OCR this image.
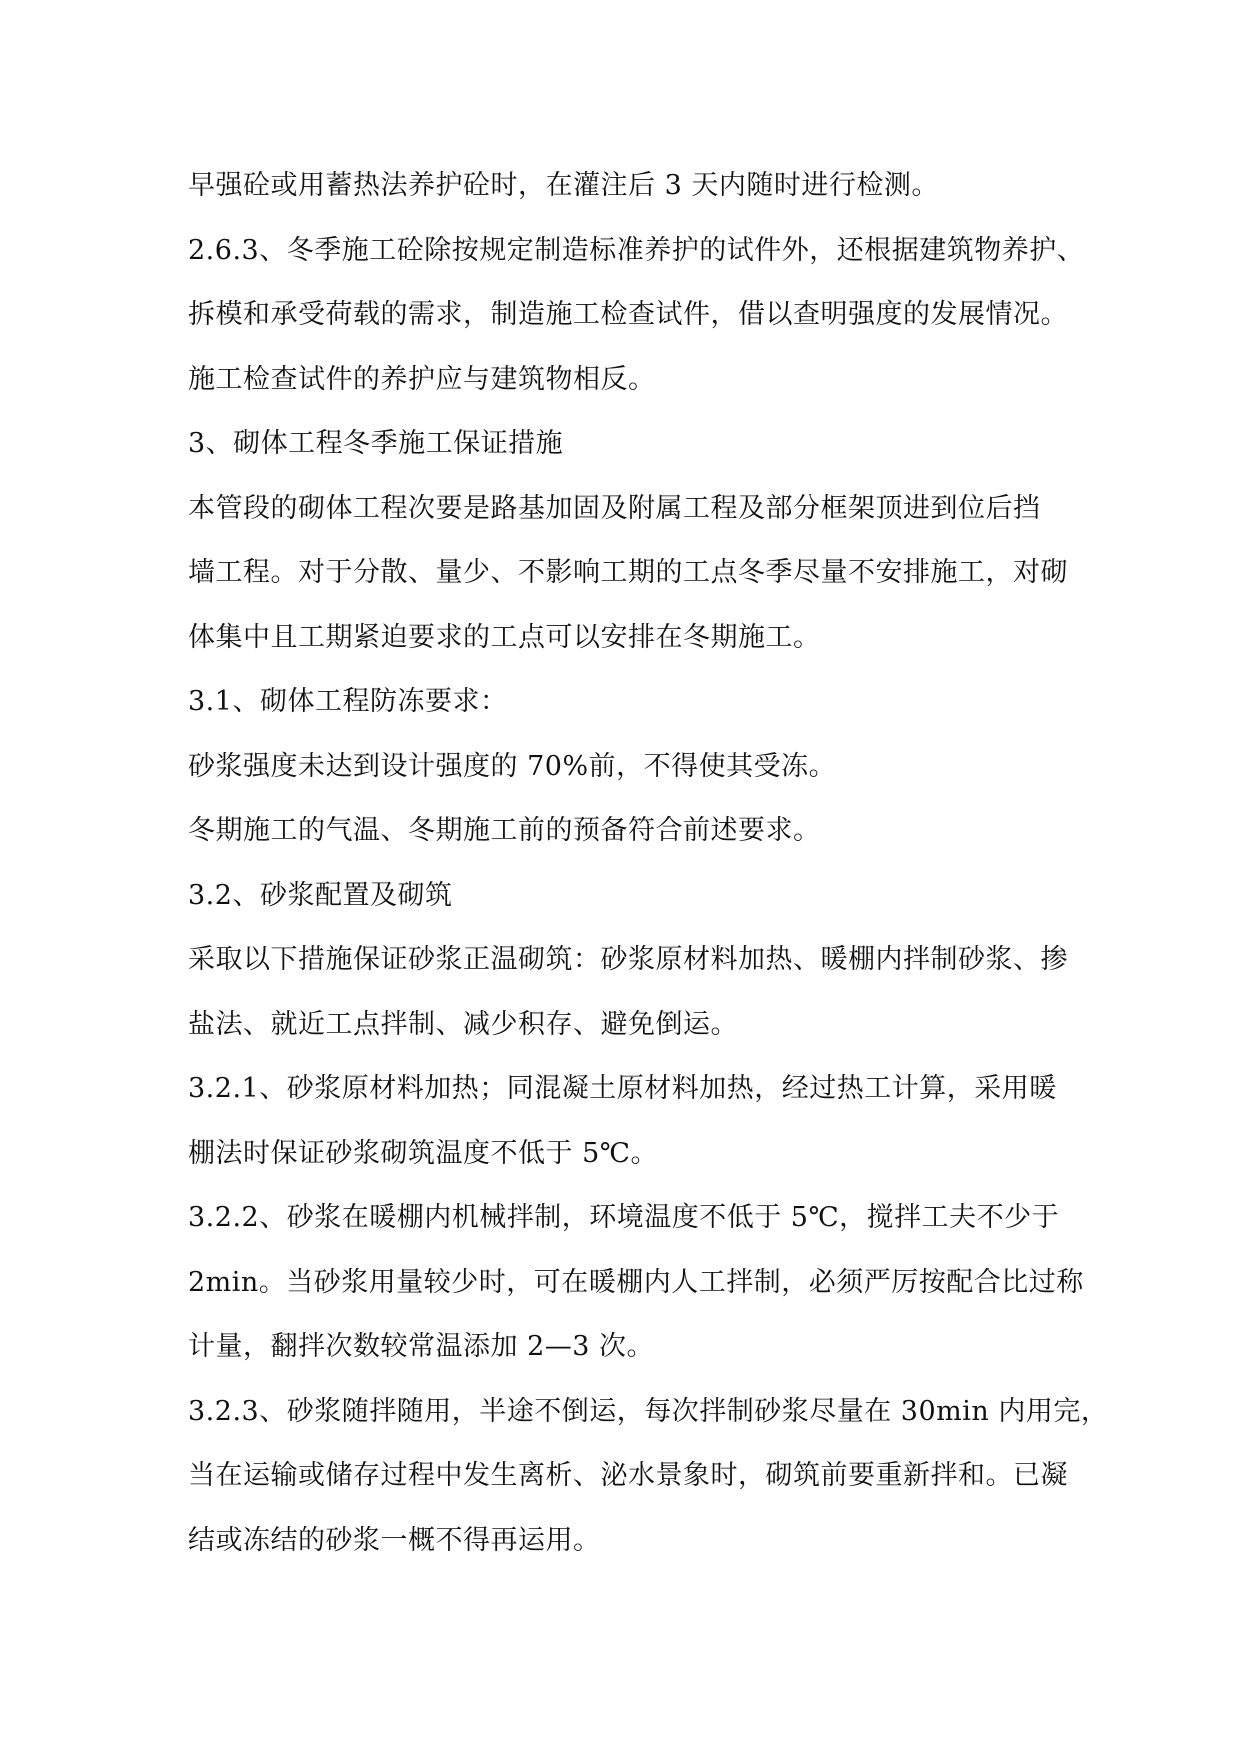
早强砼或用蓄热法养护砼时，在灌注后 3 天内随时进行检测。
2.6.3、冬季施工砼除按规定制造标准养护的试件外，还根据建筑物养护、
拆模和承受荷载的需求，制造施工检查试件，借以查明强度的发展情况。
施工检查试件的养护应与建筑物相反。
3、砌体工程冬季施工保证措施
本管段的砌体工程次要是路基加固及附属工程及部分框架顶进到位后挡
墙工程。对于分散、量少、不影响工期的工点冬季尽量不安排施工，对砌
体集中且工期紧迫要求的工点可以安排在冬期施工。
3.1、砌体工程防冻要求：
砂浆强度未达到设计强度的 70%前，不得使其受冻。
冬期施工的气温、冬期施工前的预备符合前述要求。
3.2、砂浆配置及砌筑
采取以下措施保证砂浆正温砌筑：砂浆原材料加热、暖棚内拌制砂浆、掺
盐法、就近工点拌制、减少积存、避免倒运。
3.2.1、砂浆原材料加热；同混凝土原材料加热，经过热工计算，采用暖
棚法时保证砂浆砌筑温度不低于 5℃。
3.2.2、砂浆在暖棚内机械拌制，环境温度不低于 5℃，搅拌工夫不少于
2min。当砂浆用量较少时，可在暖棚内人工拌制，必须严厉按配合比过称
计量，翻拌次数较常温添加 2—3 次。
3.2.3、砂浆随拌随用，半途不倒运，每次拌制砂浆尽量在 30min 内用完，
当在运输或储存过程中发生离析、泌水景象时，砌筑前要重新拌和。已凝
结或冻结的砂浆一概不得再运用。
